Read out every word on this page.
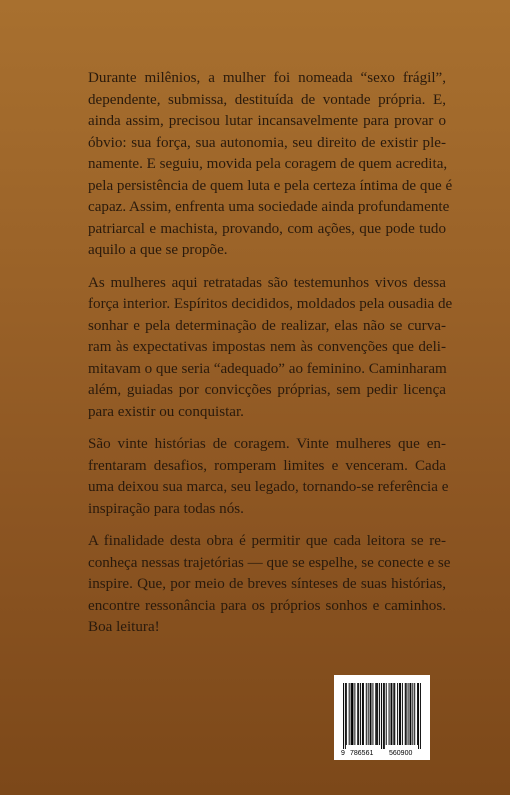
Durante milênios, a mulher foi nomeada “sexo frágil”,
dependente, submissa, destituída de vontade própria. E,
ainda assim, precisou lutar incansavelmente para provar o
óbvio: sua força, sua autonomia, seu direito de existir ple-
namente. E seguiu, movida pela coragem de quem acredita,
pela persistência de quem luta e pela certeza íntima de que é
capaz. Assim, enfrenta uma sociedade ainda profundamente
patriarcal e machista, provando, com ações, que pode tudo
aquilo a que se propõe.

As mulheres aqui retratadas são testemunhos vivos dessa
força interior. Espíritos decididos, moldados pela ousadia de
sonhar e pela determinação de realizar, elas não se curva-
ram às expectativas impostas nem às convenções que deli-
mitavam o que seria “adequado” ao feminino. Caminharam
além, guiadas por convicções próprias, sem pedir licença
para existir ou conquistar.

São vinte histórias de coragem. Vinte mulheres que en-
frentaram desafios, romperam limites e venceram. Cada
uma deixou sua marca, seu legado, tornando-se referência e
inspiração para todas nós.

A finalidade desta obra é permitir que cada leitora se re-
conheça nessas trajetórias — que se espelhe, se conecte e se
inspire. Que, por meio de breves sínteses de suas histórias,
encontre ressonância para os próprios sonhos e caminhos.
Boa leitura!

9 786561 560900
